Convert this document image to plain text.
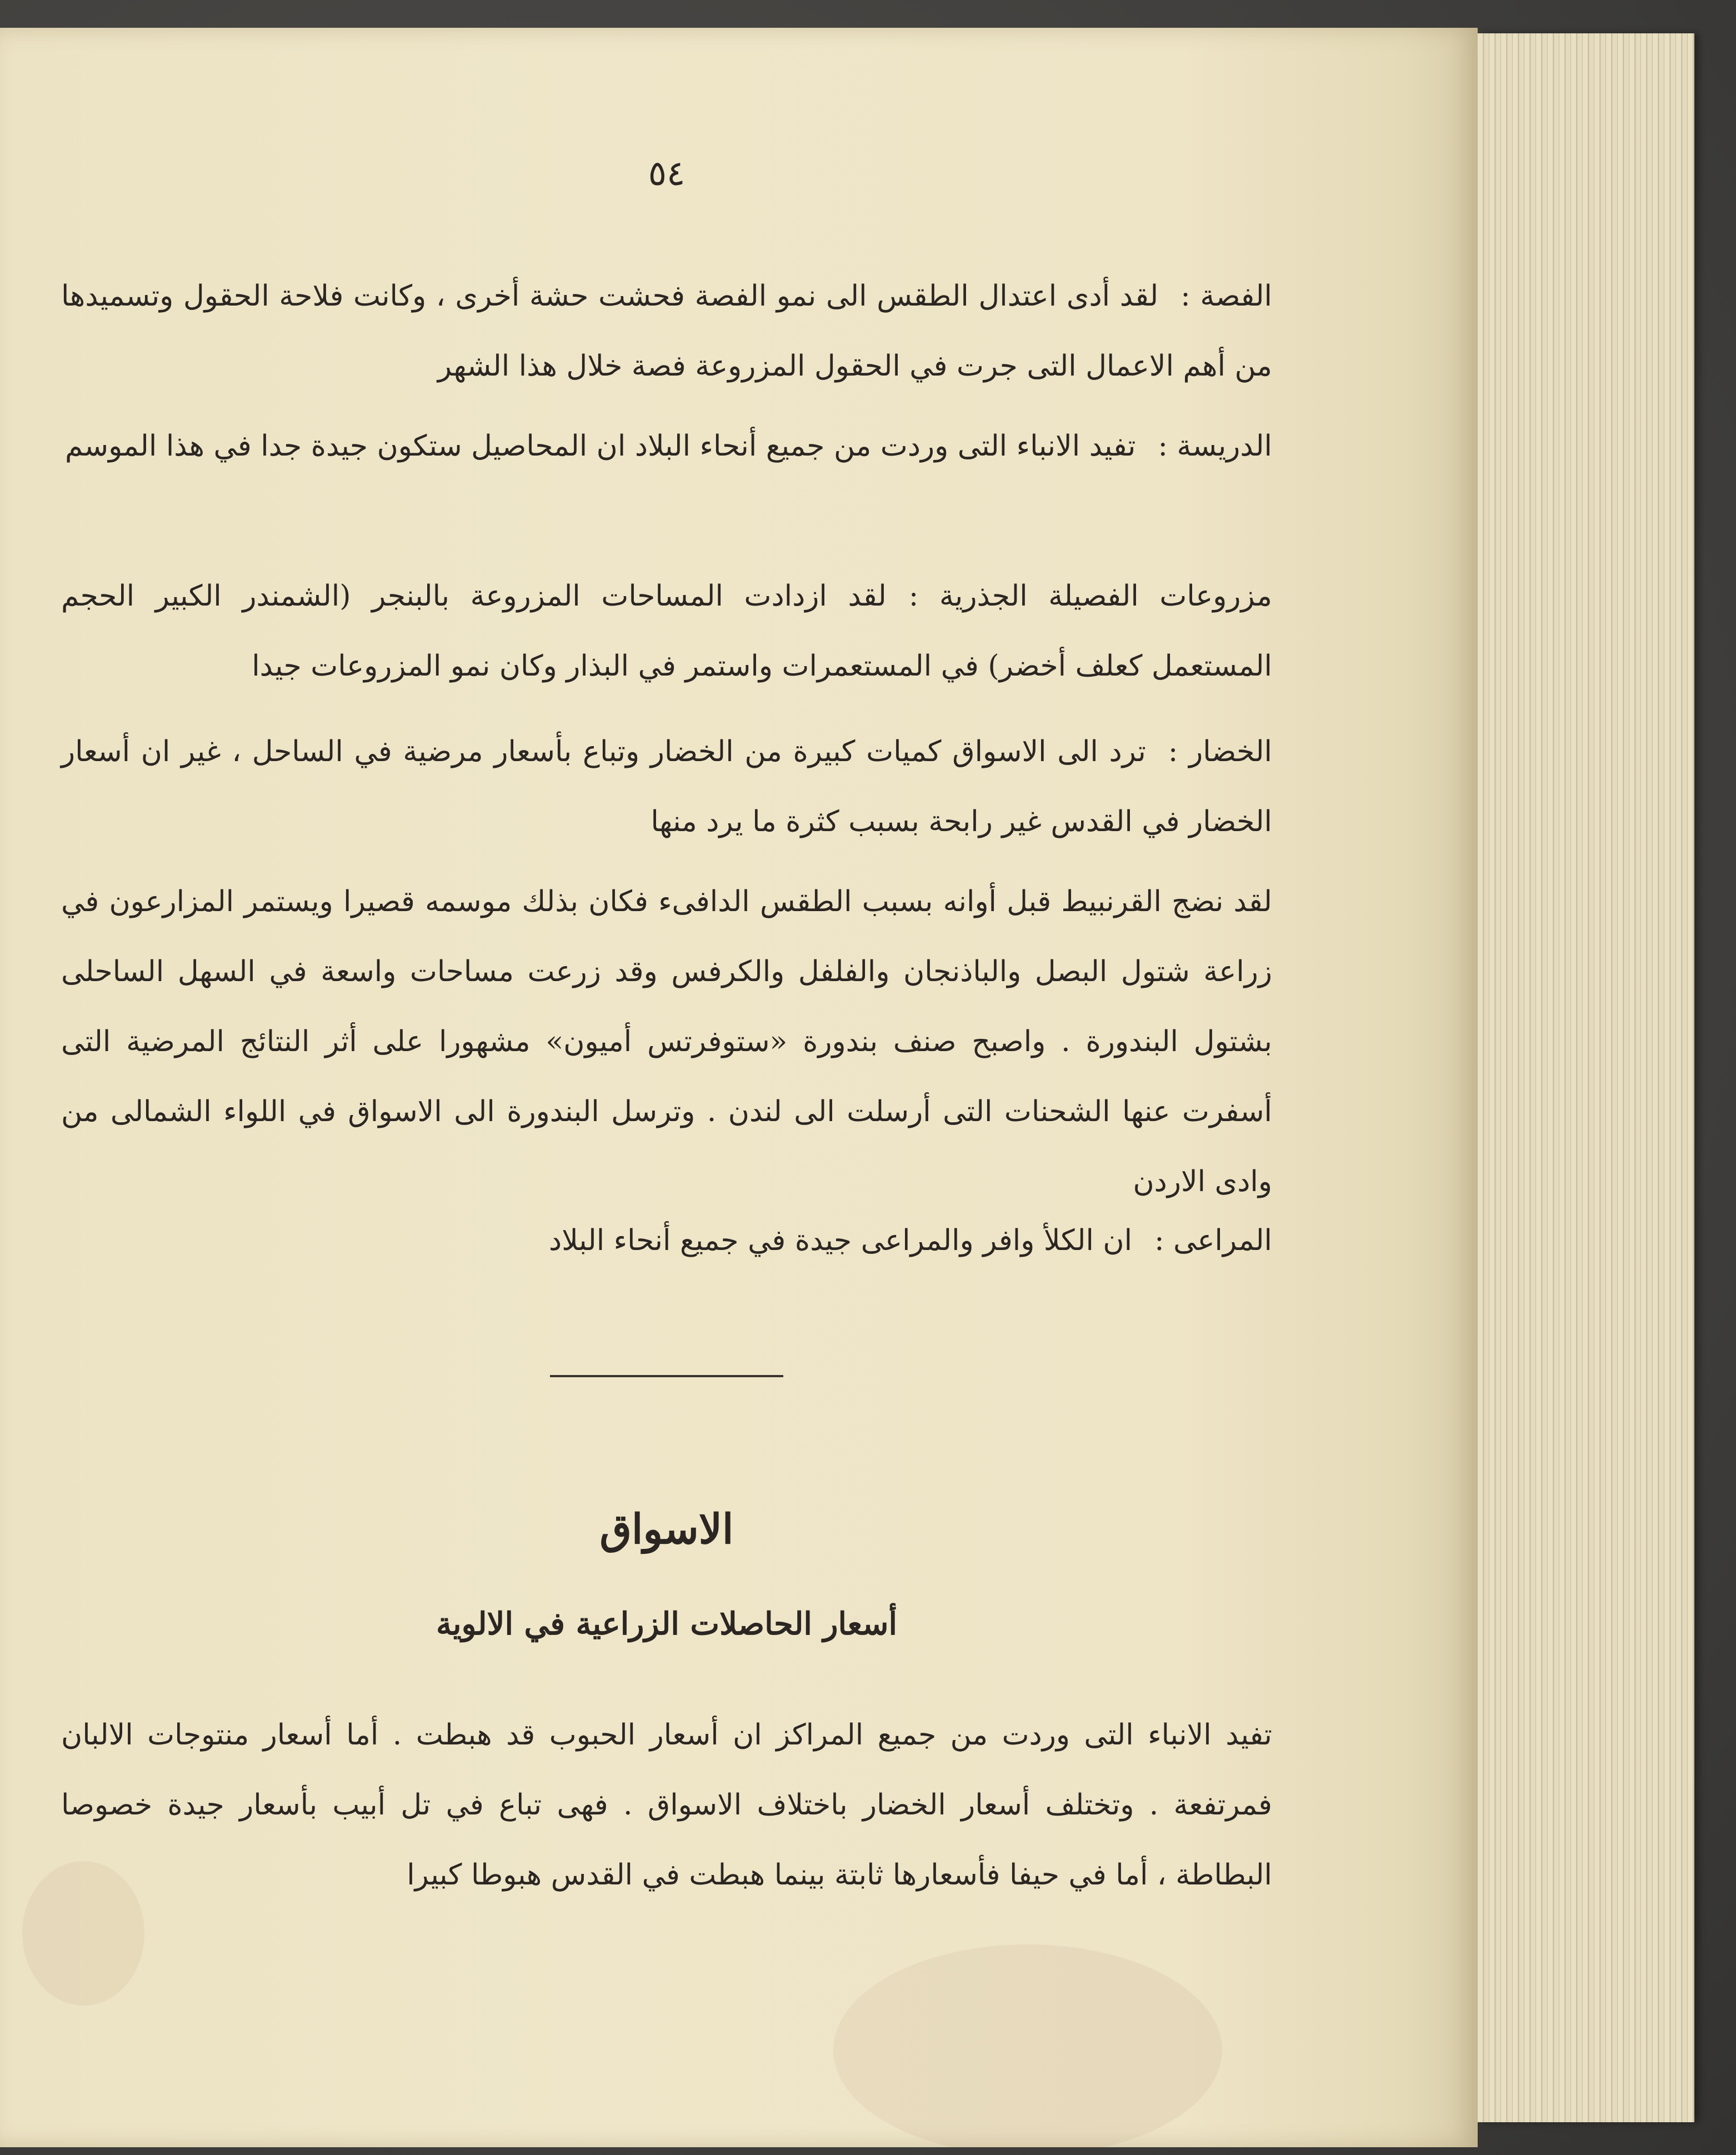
٥٤

الفصة :لقد أدى اعتدال الطقس الى نمو الفصة فحشت حشة أخرى ، وكانت فلاحة الحقول وتسميدها من أهم الاعمال التى جرت في الحقول المزروعة فصة خلال هذا الشهر

الدريسة :تفيد الانباء التى وردت من جميع أنحاء البلاد ان المحاصيل ستكون جيدة جدا في هذا الموسم

مزروعات الفصيلة الجذرية :لقد ازدادت المساحات المزروعة بالبنجر (الشمندر الكبير الحجم المستعمل كعلف أخضر) في المستعمرات واستمر في البذار وكان نمو المزروعات جيدا

الخضار :ترد الى الاسواق كميات كبيرة من الخضار وتباع بأسعار مرضية في الساحل ، غير ان أسعار الخضار في القدس غير رابحة بسبب كثرة ما يرد منها

لقد نضج القرنبيط قبل أوانه بسبب الطقس الدافىء فكان بذلك موسمه قصيرا ويستمر المزارعون في زراعة شتول البصل والباذنجان والفلفل والكرفس وقد زرعت مساحات واسعة في السهل الساحلى بشتول البندورة . واصبح صنف بندورة «ستوفرتس أميون» مشهورا على أثر النتائج المرضية التى أسفرت عنها الشحنات التى أرسلت الى لندن . وترسل البندورة الى الاسواق في اللواء الشمالى من وادى الاردن

المراعى :ان الكلأ وافر والمراعى جيدة في جميع أنحاء البلاد

الاسواق
أسعار الحاصلات الزراعية في الالوية

تفيد الانباء التى وردت من جميع المراكز ان أسعار الحبوب قد هبطت . أما أسعار منتوجات الالبان فمرتفعة . وتختلف أسعار الخضار باختلاف الاسواق . فهى تباع في تل أبيب بأسعار جيدة خصوصا البطاطة ، أما في حيفا فأسعارها ثابتة بينما هبطت في القدس هبوطا كبيرا
